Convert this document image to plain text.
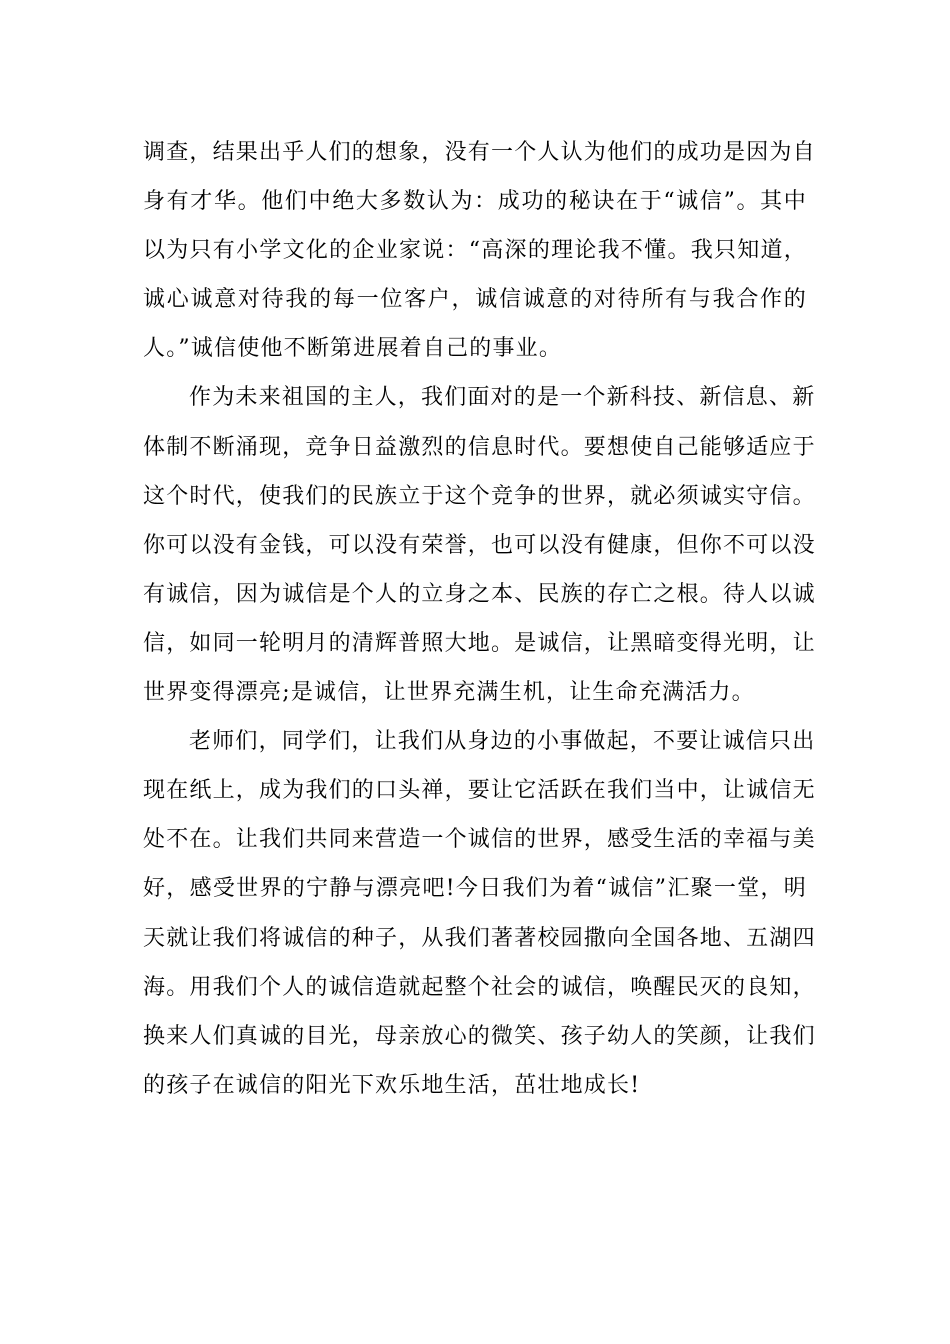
调查，结果出乎人们的想象，没有一个人认为他们的成功是因为自
身有才华。他们中绝大多数认为：成功的秘诀在于“诚信”。其中
以为只有小学文化的企业家说：“高深的理论我不懂。我只知道，
诚心诚意对待我的每一位客户，诚信诚意的对待所有与我合作的
人。”诚信使他不断第进展着自己的事业。
作为未来祖国的主人，我们面对的是一个新科技、新信息、新
体制不断涌现，竞争日益激烈的信息时代。要想使自己能够适应于
这个时代，使我们的民族立于这个竞争的世界，就必须诚实守信。
你可以没有金钱，可以没有荣誉，也可以没有健康，但你不可以没
有诚信，因为诚信是个人的立身之本、民族的存亡之根。待人以诚
信，如同一轮明月的清辉普照大地。是诚信，让黑暗变得光明，让
世界变得漂亮;是诚信，让世界充满生机，让生命充满活力。
老师们，同学们，让我们从身边的小事做起，不要让诚信只出
现在纸上，成为我们的口头禅，要让它活跃在我们当中，让诚信无
处不在。让我们共同来营造一个诚信的世界，感受生活的幸福与美
好，感受世界的宁静与漂亮吧!今日我们为着“诚信”汇聚一堂，明
天就让我们将诚信的种子，从我们著著校园撒向全国各地、五湖四
海。用我们个人的诚信造就起整个社会的诚信，唤醒民灭的良知，
换来人们真诚的目光，母亲放心的微笑、孩子幼人的笑颜，让我们
的孩子在诚信的阳光下欢乐地生活，茁壮地成长!
